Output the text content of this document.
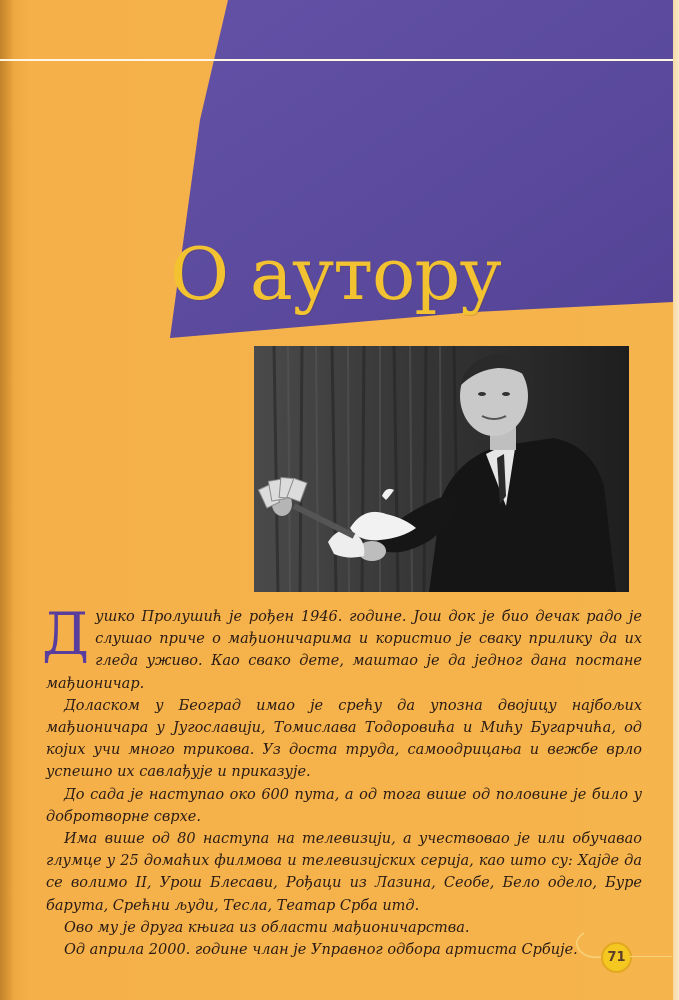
О аутору

Душко Пролушић је рођен 1946. године. Још док је био дечак радо је слушао приче о мађионичарима и користио је сваку прилику да их гледа уживо. Као свако дете, маштао је да једног дана постане мађионичар.

Доласком у Београд имао је срећу да упозна двојицу најбољих мађионичара у Југославији, Томислава Тодоровића и Мићу Бугарчића, од којих учи много трикова. Уз доста труда, самоодрицања и вежбе врло успешно их савлађује и приказује.

До сада је наступао око 600 пута, а од тога више од половине је било у добротворне сврхе.

Има више од 80 наступа на телевизији, а учествовао је или обучавао глумце у 25 домаћих филмова и телевизијских серија, као што су: Хајде да се волимо II, Урош Блесави, Рођаци из Лазина, Сеобе, Бело одело, Буре барута, Срећни људи, Тесла, Театар Срба итд.

Ово му је друга књига из области мађионичарства.

Од априла 2000. године члан је Управног одбора артиста Србије.	71
